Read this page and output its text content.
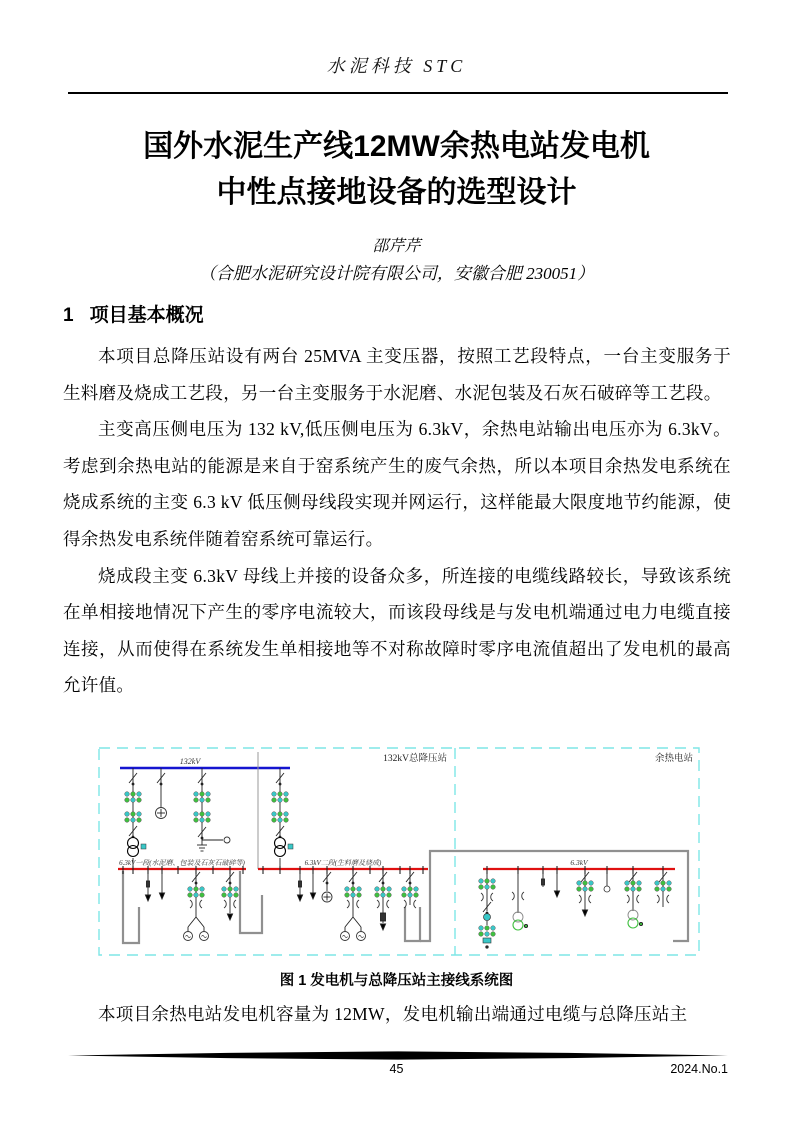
水泥科技 STC
国外水泥生产线12MW余热电站发电机
中性点接地设备的选型设计
邵芹芹
（合肥水泥研究设计院有限公司，安徽合肥 230051）
1 项目基本概况

本项目总降压站设有两台 25MVA 主变压器，按照工艺段特点，一台主变服务于生料磨及烧成工艺段，另一台主变服务于水泥磨、水泥包装及石灰石破碎等工艺段。

主变高压侧电压为 132 kV,低压侧电压为 6.3kV，余热电站输出电压亦为 6.3kV。考虑到余热电站的能源是来自于窑系统产生的废气余热，所以本项目余热发电系统在烧成系统的主变 6.3 kV 低压侧母线段实现并网运行，这样能最大限度地节约能源，使得余热发电系统伴随着窑系统可靠运行。

烧成段主变 6.3kV 母线上并接的设备众多，所连接的电缆线路较长，导致该系统在单相接地情况下产生的零序电流较大，而该段母线是与发电机端通过电力电缆直接连接，从而使得在系统发生单相接地等不对称故障时零序电流值超出了发电机的最高允许值。

132kV总降压站	余热电站
132kV
6.3kV一段(水泥磨、包装及石灰石破碎等)	6.3kV二段(生料磨及烧成)	6.3kV
图 1 发电机与总降压站主接线系统图

本项目余热电站发电机容量为 12MW，发电机输出端通过电缆与总降压站主

45	2024.No.1
